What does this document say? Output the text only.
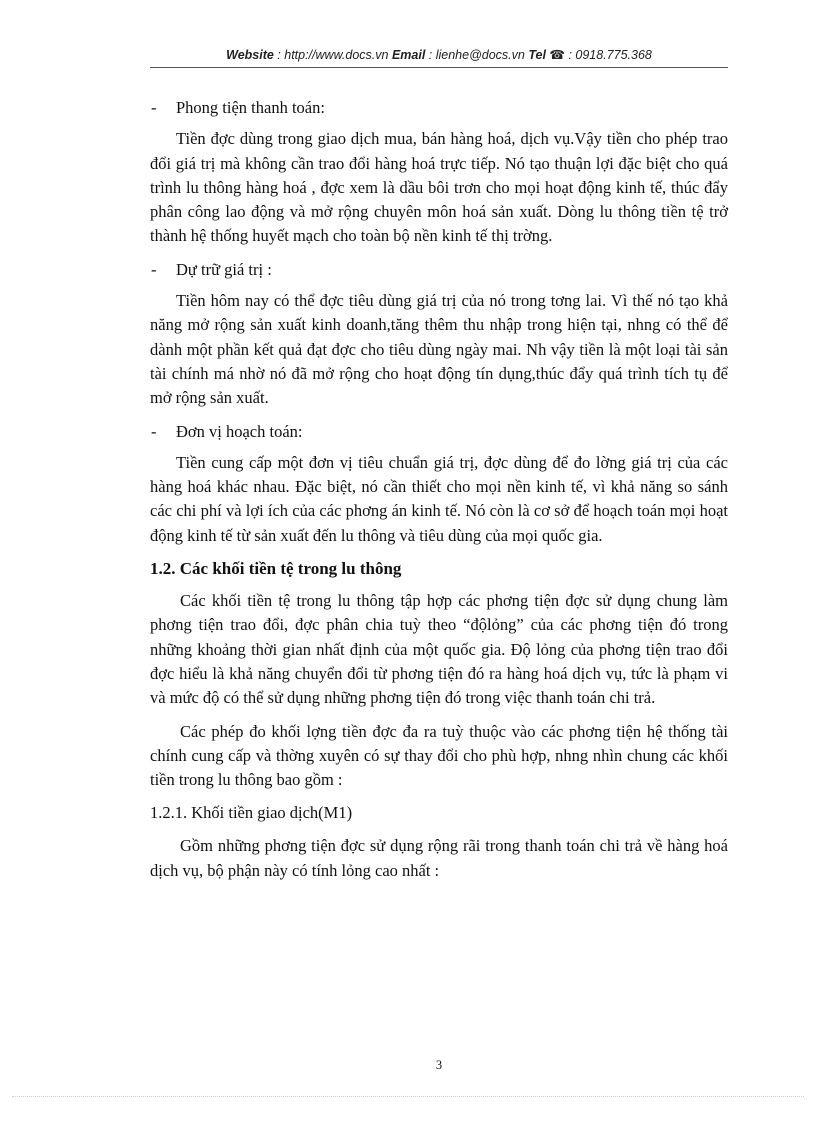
Website : http://www.docs.vn Email : lienhe@docs.vn Tel ☎ : 0918.775.368
- Phong tiện thanh toán:

Tiền đợc dùng trong giao dịch mua, bán hàng hoá, dịch vụ.Vậy tiền cho phép trao đổi giá trị mà không cần trao đổi hàng hoá trực tiếp. Nó tạo thuận lợi đặc biệt cho quá trình lu thông hàng hoá , đợc xem là dầu bôi trơn cho mọi hoạt động kinh tế, thúc đẩy phân công lao động và mở rộng chuyên môn hoá sản xuất. Dòng lu thông tiền tệ trở thành hệ thống huyết mạch cho toàn bộ nền kinh tế thị trờng.

- Dự trữ giá trị :

Tiền hôm nay có thể đợc tiêu dùng giá trị của nó trong tơng lai. Vì thế nó tạo khả năng mở rộng sản xuất kinh doanh,tăng thêm thu nhập trong hiện tại, nhng có thể để dành một phần kết quả đạt đợc cho tiêu dùng ngày mai. Nh vậy tiền là một loại tài sản tài chính má nhờ nó đã mở rộng cho hoạt động tín dụng,thúc đẩy quá trình tích tụ để mở rộng sản xuất.

- Đơn vị hoạch toán:

Tiền cung cấp một đơn vị tiêu chuẩn giá trị, đợc dùng để đo lờng giá trị của các hàng hoá khác nhau. Đặc biệt, nó cần thiết cho mọi nền kinh tế, vì khả năng so sánh các chi phí và lợi ích của các phơng án kinh tế. Nó còn là cơ sở để hoạch toán mọi hoạt động kinh tế từ sản xuất đến lu thông và tiêu dùng của mọi quốc gia.

1.2. Các khối tiền tệ trong lu thông

Các khối tiền tệ trong lu thông tập hợp các phơng tiện đợc sử dụng chung làm phơng tiện trao đổi, đợc phân chia tuỳ theo “độlỏng” của các phơng tiện đó trong những khoảng thời gian nhất định của một quốc gia. Độ lỏng của phơng tiện trao đổi đợc hiểu là khả năng chuyển đổi từ phơng tiện đó ra hàng hoá dịch vụ, tức là phạm vi và mức độ có thể sử dụng những phơng tiện đó trong việc thanh toán chi trả.

Các phép đo khối lợng tiền đợc đa ra tuỳ thuộc vào các phơng tiện hệ thống tài chính cung cấp và thờng xuyên có sự thay đổi cho phù hợp, nhng nhìn chung các khối tiền trong lu thông bao gồm :

1.2.1. Khối tiền giao dịch(M1)

Gồm những phơng tiện đợc sử dụng rộng rãi trong thanh toán chi trả về hàng hoá dịch vụ, bộ phận này có tính lỏng cao nhất :

3
